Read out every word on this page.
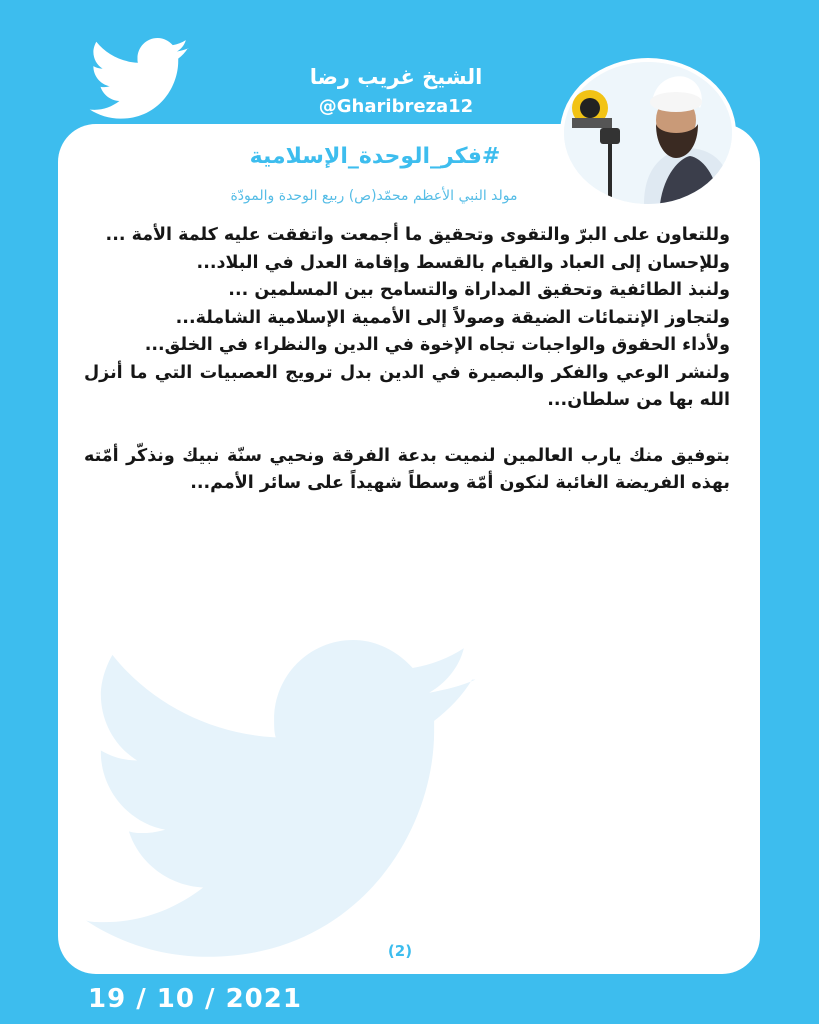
الشيخ غريب رضا
@Gharibreza12
#فكر_الوحدة_الإسلامية
مولد النبي الأعظم محمّد(ص) ربيع الوحدة والمودّة

وللتعاون على البرّ والتقوى وتحقيق ما أجمعت واتفقت عليه كلمة الأمة ...

وللإحسان إلى العباد والقيام بالقسط وإقامة العدل في البلاد...

ولنبذ الطائفية وتحقيق المداراة والتسامح بين المسلمين ...

ولتجاوز الإنتمائات الضيقة وصولاً إلى الأممية الإسلامية الشاملة...

ولأداء الحقوق والواجبات تجاه الإخوة في الدين والنظراء في الخلق...

ولنشر الوعي والفكر والبصيرة في الدين بدل ترويج العصبيات التي ما أنزل الله بها من سلطان...

بتوفيق منك يارب العالمين لنميت بدعة الفرقة ونحيي سنّة نبيك ونذكّر أمّته بهذه الفريضة الغائبة لنكون أمّة وسطاً شهيداً على سائر الأمم...

(2)
19 / 10 / 2021
